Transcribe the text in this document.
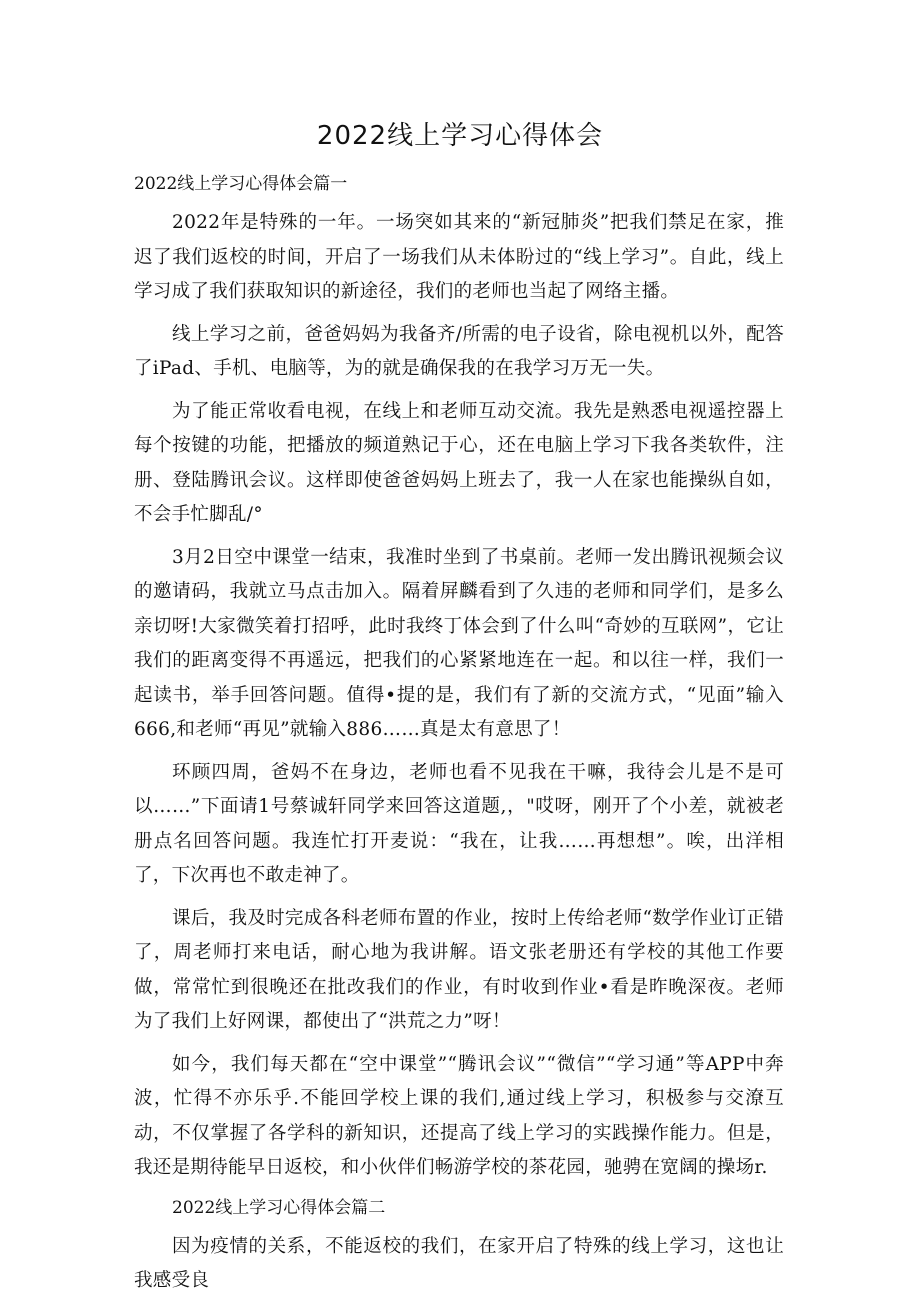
2022线上学习心得体会

2022线上学习心得体会篇一

2022年是特殊的一年。一场突如其来的“新冠肺炎”把我们禁足在家，推迟了我们返校的时间，开启了一场我们从未体盼过的“线上学习”。自此，线上学习成了我们获取知识的新途径，我们的老师也当起了网络主播。

线上学习之前，爸爸妈妈为我备齐/所需的电子设省，除电视机以外，配答了iPad、手机、电脑等，为的就是确保我的在我学习万无一失。

为了能正常收看电视，在线上和老师互动交流。我先是熟悉电视遥控器上每个按键的功能，把播放的频道熟记于心，还在电脑上学习下我各类软件，注册、登陆腾讯会议。这样即使爸爸妈妈上班去了，我一人在家也能操纵自如，不会手忙脚乱/°

3月2日空中课堂一结束，我准时坐到了书桌前。老师一发出腾讯视频会议的邀请码，我就立马点击加入。隔着屏麟看到了久违的老师和同学们，是多么亲切呀!大家微笑着打招呼，此时我终丁体会到了什么叫“奇妙的互联网”，它让我们的距离变得不再遥远，把我们的心紧紧地连在一起。和以往一样，我们一起读书，举手回答问题。值得•提的是，我们有了新的交流方式，“见面”输入666,和老师“再见”就输入886……真是太有意思了！

环顾四周，爸妈不在身边，老师也看不见我在干嘛，我待会儿是不是可以……”下面请1号蔡诚轩同学来回答这道题,，"哎呀，刚开了个小差，就被老册点名回答问题。我连忙打开麦说：“我在，让我……再想想”。唉，出洋相了，下次再也不敢走神了。

课后，我及时完成各科老师布置的作业，按时上传给老师“数学作业订正错了，周老师打来电话，耐心地为我讲解。语文张老册还有学校的其他工作要做，常常忙到很晚还在批改我们的作业，有时收到作业•看是昨晚深夜。老师为了我们上好网课，都使出了“洪荒之力”呀！

如今，我们每天都在“空中课堂”“腾讯会议”“微信”“学习通”等APP中奔波，忙得不亦乐乎.不能回学校上课的我们,通过线上学习，积极参与交潦互动，不仅掌握了各学科的新知识，还提高了线上学习的实践操作能力。但是，我还是期待能早日返校，和小伙伴们畅游学校的茶花园，驰骋在宽阔的操场r.

2022线上学习心得体会篇二

因为疫情的关系，不能返校的我们，在家开启了特殊的线上学习，这也让我感受良
